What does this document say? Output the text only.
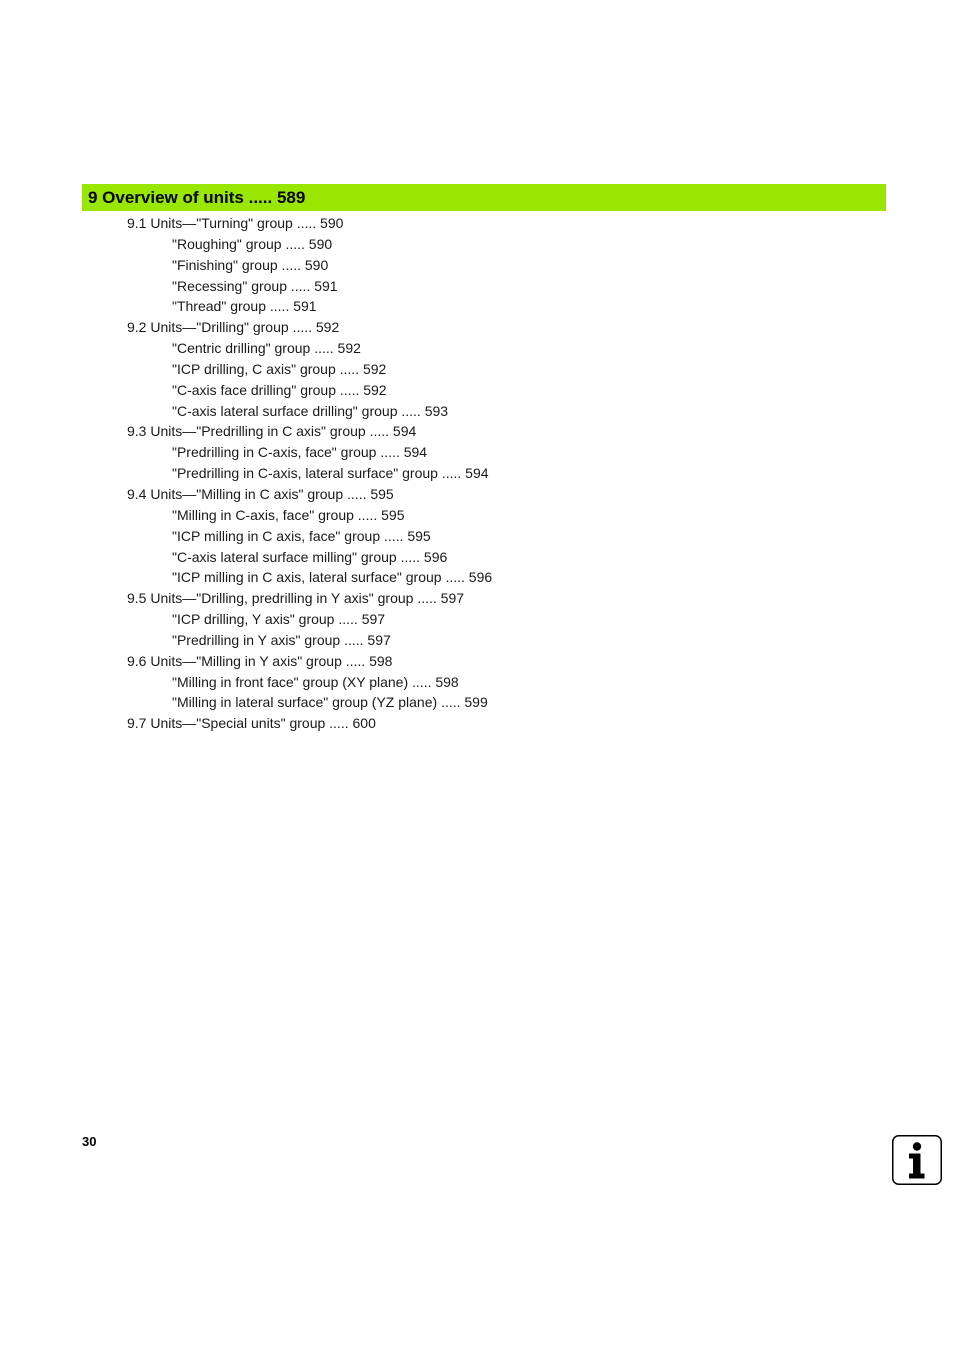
9 Overview of units ..... 589
9.1 Units—"Turning" group ..... 590
"Roughing" group ..... 590
"Finishing" group ..... 590
"Recessing" group ..... 591
"Thread" group ..... 591
9.2 Units—"Drilling" group ..... 592
"Centric drilling" group ..... 592
"ICP drilling, C axis" group ..... 592
"C-axis face drilling" group ..... 592
"C-axis lateral surface drilling" group ..... 593
9.3 Units—"Predrilling in C axis" group ..... 594
"Predrilling in C-axis, face" group ..... 594
"Predrilling in C-axis, lateral surface" group ..... 594
9.4 Units—"Milling in C axis" group ..... 595
"Milling in C-axis, face" group ..... 595
"ICP milling in C axis, face" group ..... 595
"C-axis lateral surface milling" group ..... 596
"ICP milling in C axis, lateral surface" group ..... 596
9.5 Units—"Drilling, predrilling in Y axis" group ..... 597
"ICP drilling, Y axis" group ..... 597
"Predrilling in Y axis" group ..... 597
9.6 Units—"Milling in Y axis" group ..... 598
"Milling in front face" group (XY plane) ..... 598
"Milling in lateral surface" group (YZ plane) ..... 599
9.7 Units—"Special units" group ..... 600
30
